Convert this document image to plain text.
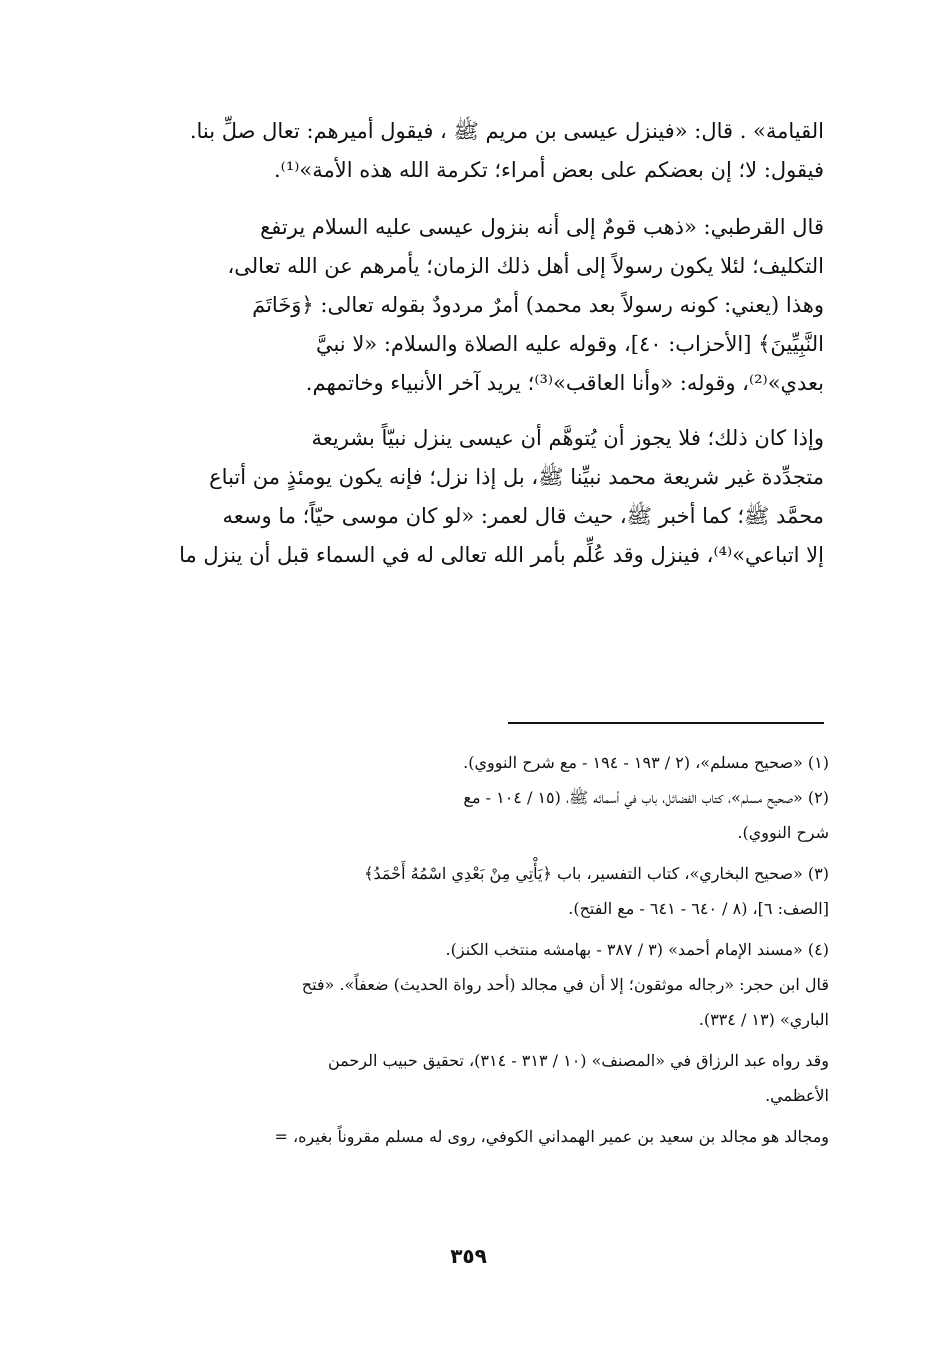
القيامة» . قال: «فينزل عيسى بن مريم ﷺ ، فيقول أميرهم: تعال صلِّ بنا.
فيقول: لا؛ إن بعضكم على بعض أمراء؛ تكرمة الله هذه الأمة»⁽¹⁾.
قال القرطبي: «ذهب قومٌ إلى أنه بنزول عيسى عليه السلام يرتفع
التكليف؛ لئلا يكون رسولاً إلى أهل ذلك الزمان؛ يأمرهم عن الله تعالى،
وهذا (يعني: كونه رسولاً بعد محمد) أمرٌ مردودٌ بقوله تعالى: ﴿وَخَاتَمَ
النَّبِيِّينَ﴾ [الأحزاب: ٤٠]، وقوله عليه الصلاة والسلام: «لا نبيَّ
بعدي»⁽²⁾، وقوله: «وأنا العاقب»⁽³⁾؛ يريد آخر الأنبياء وخاتمهم.
وإذا كان ذلك؛ فلا يجوز أن يُتوهَّم أن عيسى ينزل نبيّاً بشريعة
متجدِّدة غير شريعة محمد نبيِّنا ﷺ، بل إذا نزل؛ فإنه يكون يومئذٍ من أتباع
محمَّد ﷺ؛ كما أخبر ﷺ، حيث قال لعمر: «لو كان موسى حيّاً؛ ما وسعه
إلا اتباعي»⁽⁴⁾، فينزل وقد عُلِّم بأمر الله تعالى له في السماء قبل أن ينزل ما
(١) «صحيح مسلم»، (٢ / ١٩٣ - ١٩٤ - مع شرح النووي).
(٢) «صحيح مسلم»، كتاب الفضائل، باب في أسمائه ﷺ، (١٥ / ١٠٤ - مع
شرح النووي).
(٣) «صحيح البخاري»، كتاب التفسير، باب ﴿يَأْتِي مِنْ بَعْدِي اسْمُهُ أَحْمَدُ﴾
[الصف: ٦]، (٨ / ٦٤٠ - ٦٤١ - مع الفتح).
(٤) «مسند الإمام أحمد» (٣ / ٣٨٧ - بهامشه منتخب الكنز).
قال ابن حجر: «رجاله موثقون؛ إلا أن في مجالد (أحد رواة الحديث) ضعفاً». «فتح
الباري» (١٣ / ٣٣٤).
وقد رواه عبد الرزاق في «المصنف» (١٠ / ٣١٣ - ٣١٤)، تحقيق حبيب الرحمن
الأعظمي.
ومجالد هو مجالد بن سعيد بن عمير الهمداني الكوفي، روى له مسلم مقروناً بغيره، =
٣٥٩
